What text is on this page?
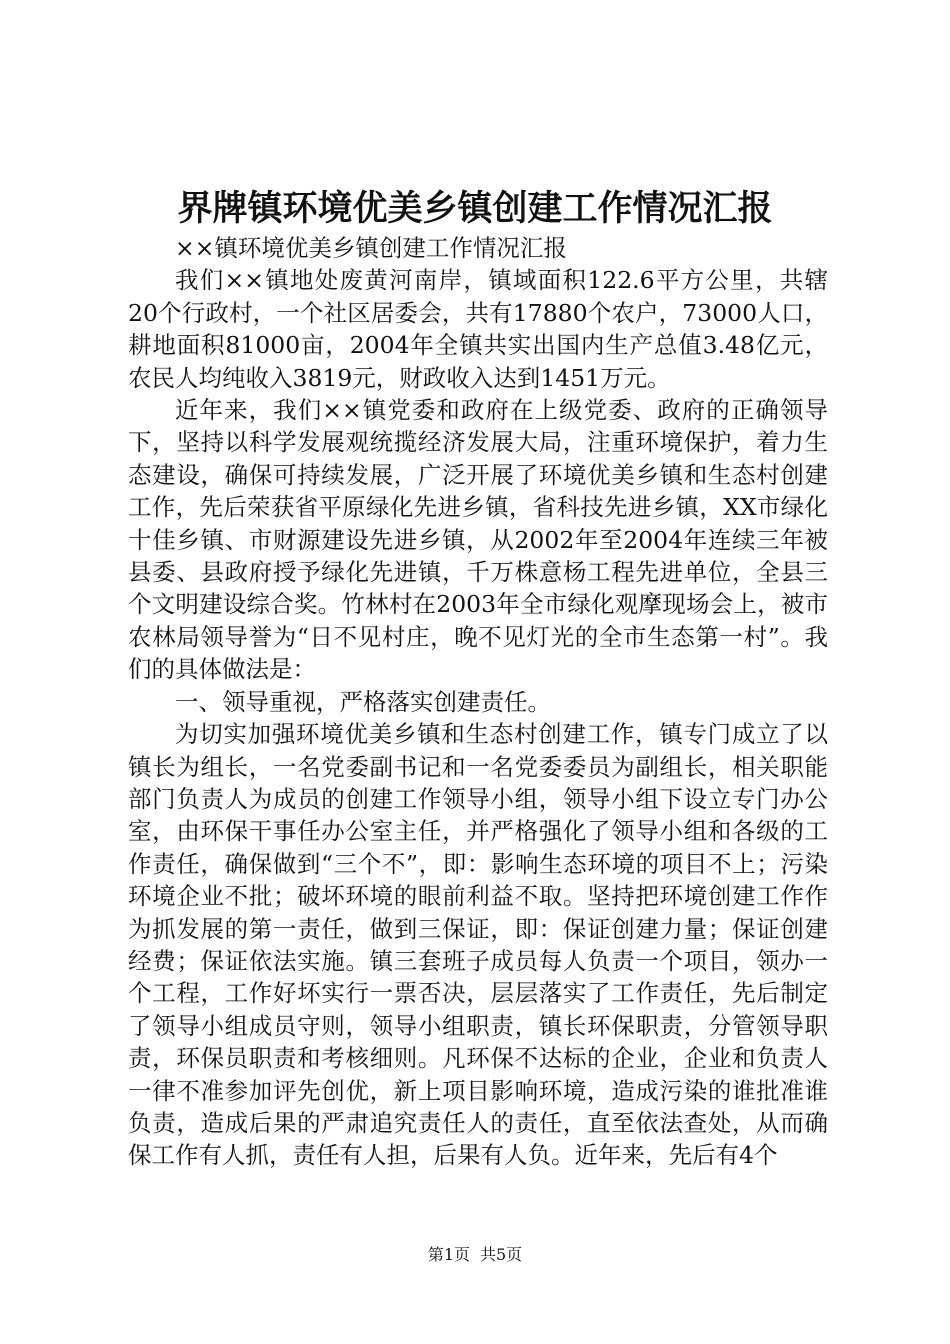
界牌镇环境优美乡镇创建工作情况汇报

××镇环境优美乡镇创建工作情况汇报

我们××镇地处废黄河南岸，镇域面积122.6平方公里，共辖20个行政村，一个社区居委会，共有17880个农户，73000人口，耕地面积81000亩，2004年全镇共实出国内生产总值3.48亿元，农民人均纯收入3819元，财政收入达到1451万元。

近年来，我们××镇党委和政府在上级党委、政府的正确领导下，坚持以科学发展观统揽经济发展大局，注重环境保护，着力生态建设，确保可持续发展，广泛开展了环境优美乡镇和生态村创建工作，先后荣获省平原绿化先进乡镇，省科技先进乡镇，XX市绿化十佳乡镇、市财源建设先进乡镇，从2002年至2004年连续三年被县委、县政府授予绿化先进镇，千万株意杨工程先进单位，全县三个文明建设综合奖。竹林村在2003年全市绿化观摩现场会上，被市农林局领导誉为“日不见村庄，晚不见灯光的全市生态第一村”。我们的具体做法是：

一、领导重视，严格落实创建责任。

为切实加强环境优美乡镇和生态村创建工作，镇专门成立了以镇长为组长，一名党委副书记和一名党委委员为副组长，相关职能部门负责人为成员的创建工作领导小组，领导小组下设立专门办公室，由环保干事任办公室主任，并严格强化了领导小组和各级的工作责任，确保做到“三个不”，即：影响生态环境的项目不上；污染环境企业不批；破坏环境的眼前利益不取。坚持把环境创建工作作为抓发展的第一责任，做到三保证，即：保证创建力量；保证创建经费；保证依法实施。镇三套班子成员每人负责一个项目，领办一个工程，工作好坏实行一票否决，层层落实了工作责任，先后制定了领导小组成员守则，领导小组职责，镇长环保职责，分管领导职责，环保员职责和考核细则。凡环保不达标的企业，企业和负责人一律不准参加评先创优，新上项目影响环境，造成污染的谁批准谁负责，造成后果的严肃追究责任人的责任，直至依法查处，从而确保工作有人抓，责任有人担，后果有人负。近年来，先后有4个

第1页 共5页
